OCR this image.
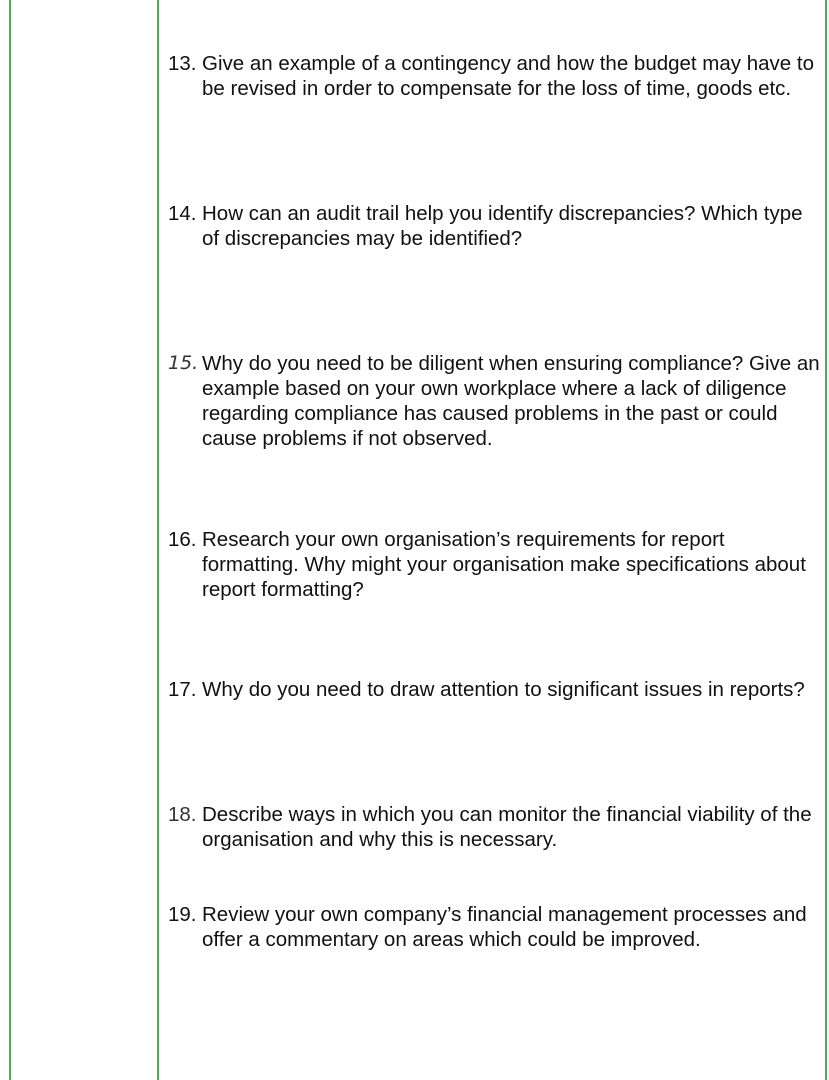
13. Give an example of a contingency and how the budget may have to be revised in order to compensate for the loss of time, goods etc.
14. How can an audit trail help you identify discrepancies? Which type of discrepancies may be identified?
15. Why do you need to be diligent when ensuring compliance? Give an example based on your own workplace where a lack of diligence regarding compliance has caused problems in the past or could cause problems if not observed.
16. Research your own organisation’s requirements for report formatting. Why might your organisation make specifications about report formatting?
17. Why do you need to draw attention to significant issues in reports?
18. Describe ways in which you can monitor the financial viability of the organisation and why this is necessary.
19. Review your own company’s financial management processes and offer a commentary on areas which could be improved.
